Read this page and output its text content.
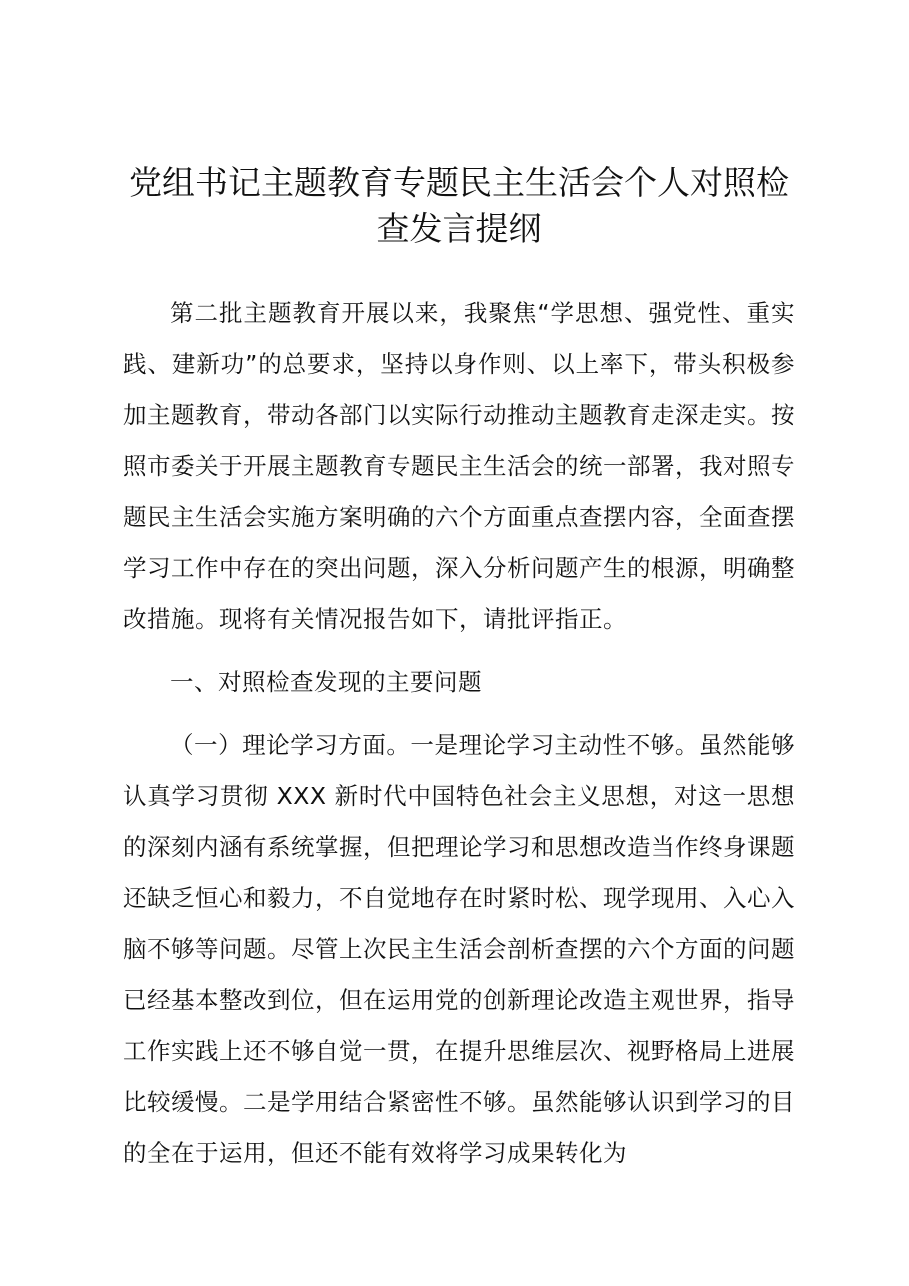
党组书记主题教育专题民主生活会个人对照检查发言提纲

第二批主题教育开展以来，我聚焦“学思想、强党性、重实践、建新功”的总要求，坚持以身作则、以上率下，带头积极参加主题教育，带动各部门以实际行动推动主题教育走深走实。按照市委关于开展主题教育专题民主生活会的统一部署，我对照专题民主生活会实施方案明确的六个方面重点查摆内容，全面查摆学习工作中存在的突出问题，深入分析问题产生的根源，明确整改措施。现将有关情况报告如下，请批评指正。

一、对照检查发现的主要问题

（一）理论学习方面。一是理论学习主动性不够。虽然能够认真学习贯彻 XXX 新时代中国特色社会主义思想，对这一思想的深刻内涵有系统掌握，但把理论学习和思想改造当作终身课题还缺乏恒心和毅力，不自觉地存在时紧时松、现学现用、入心入脑不够等问题。尽管上次民主生活会剖析查摆的六个方面的问题已经基本整改到位，但在运用党的创新理论改造主观世界，指导工作实践上还不够自觉一贯，在提升思维层次、视野格局上进展比较缓慢。二是学用结合紧密性不够。虽然能够认识到学习的目的全在于运用，但还不能有效将学习成果转化为
